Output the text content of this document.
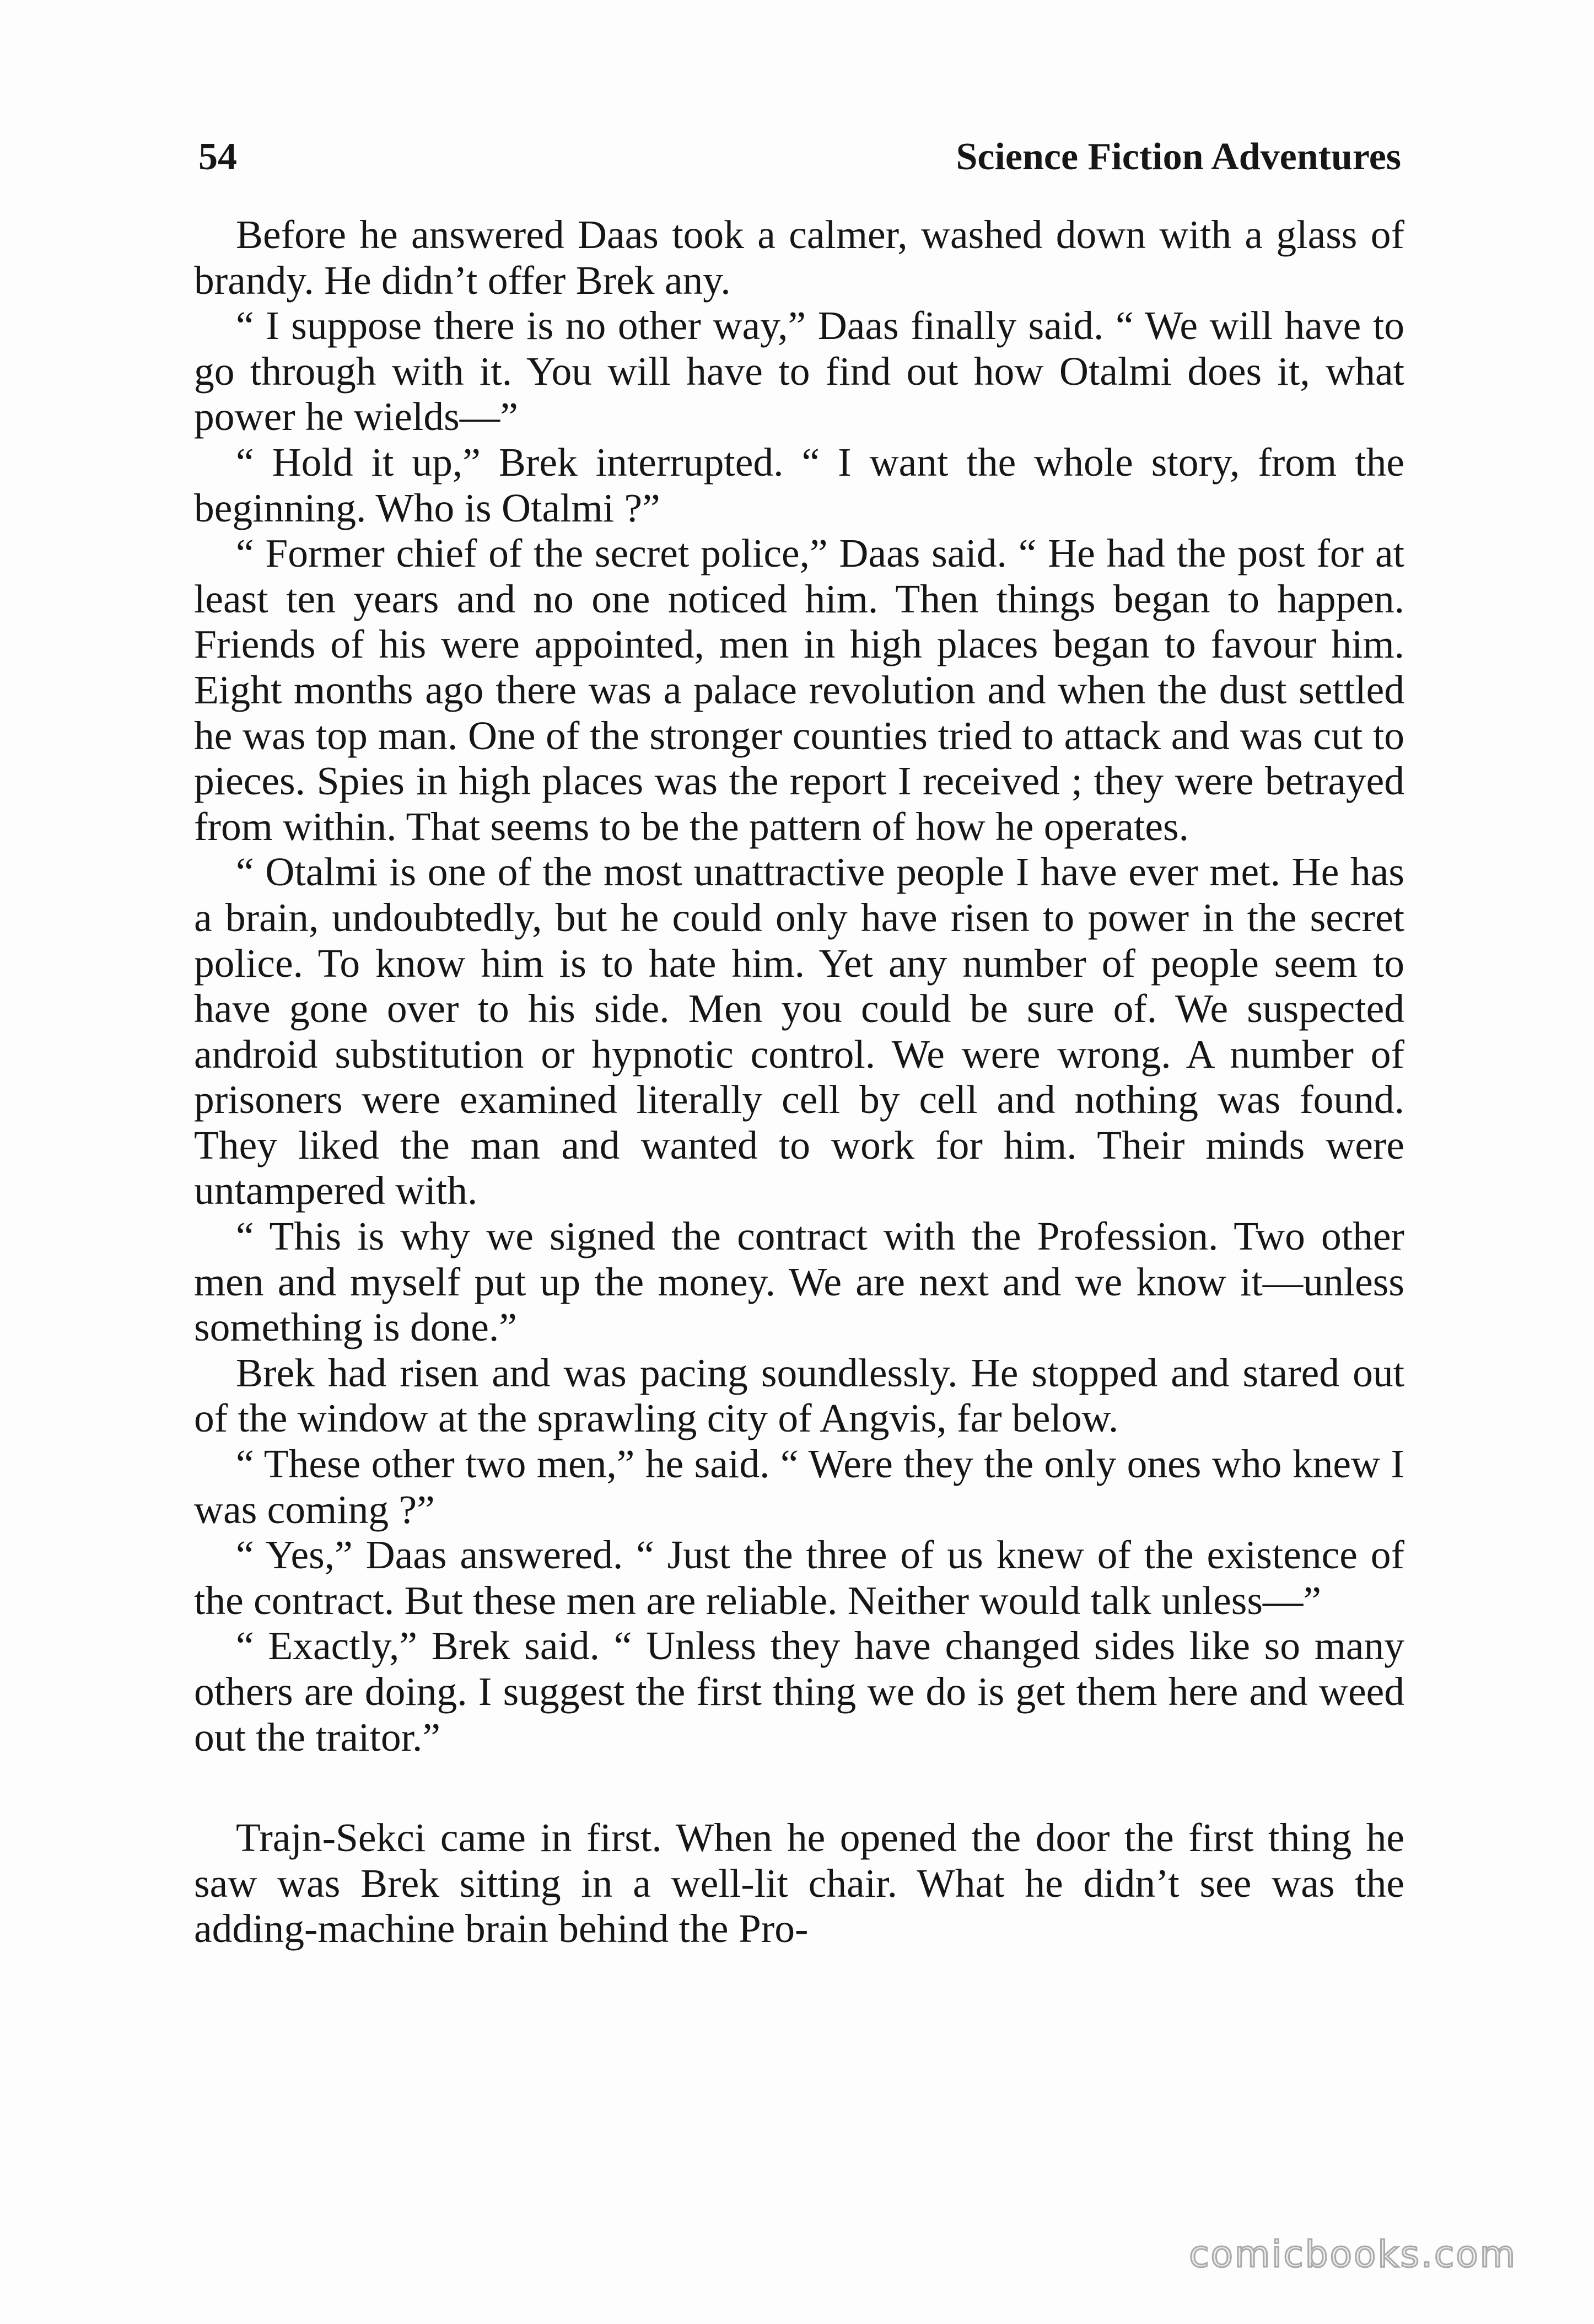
54	Science Fiction Adventures

Before he answered Daas took a calmer, washed down with a glass of brandy. He didn’t offer Brek any.

“ I suppose there is no other way,” Daas finally said. “ We will have to go through with it. You will have to find out how Otalmi does it, what power he wields—”

“ Hold it up,” Brek interrupted. “ I want the whole story, from the beginning. Who is Otalmi ?”

“ Former chief of the secret police,” Daas said. “ He had the post for at least ten years and no one noticed him. Then things began to happen. Friends of his were appointed, men in high places began to favour him. Eight months ago there was a palace revolution and when the dust settled he was top man. One of the stronger counties tried to attack and was cut to pieces. Spies in high places was the report I received ; they were betrayed from within. That seems to be the pattern of how he operates.

“ Otalmi is one of the most unattractive people I have ever met. He has a brain, undoubtedly, but he could only have risen to power in the secret police. To know him is to hate him. Yet any number of people seem to have gone over to his side. Men you could be sure of. We suspected android substitution or hypnotic control. We were wrong. A number of prisoners were examined literally cell by cell and nothing was found. They liked the man and wanted to work for him. Their minds were untampered with.

“ This is why we signed the contract with the Profession. Two other men and myself put up the money. We are next and we know it—unless something is done.”

Brek had risen and was pacing soundlessly. He stopped and stared out of the window at the sprawling city of Angvis, far below.

“ These other two men,” he said. “ Were they the only ones who knew I was coming ?”

“ Yes,” Daas answered. “ Just the three of us knew of the existence of the contract. But these men are reliable. Neither would talk unless—”

“ Exactly,” Brek said. “ Unless they have changed sides like so many others are doing. I suggest the first thing we do is get them here and weed out the traitor.”

Trajn-Sekci came in first. When he opened the door the first thing he saw was Brek sitting in a well-lit chair. What he didn’t see was the adding-machine brain behind the Pro-

comicbooks.com
